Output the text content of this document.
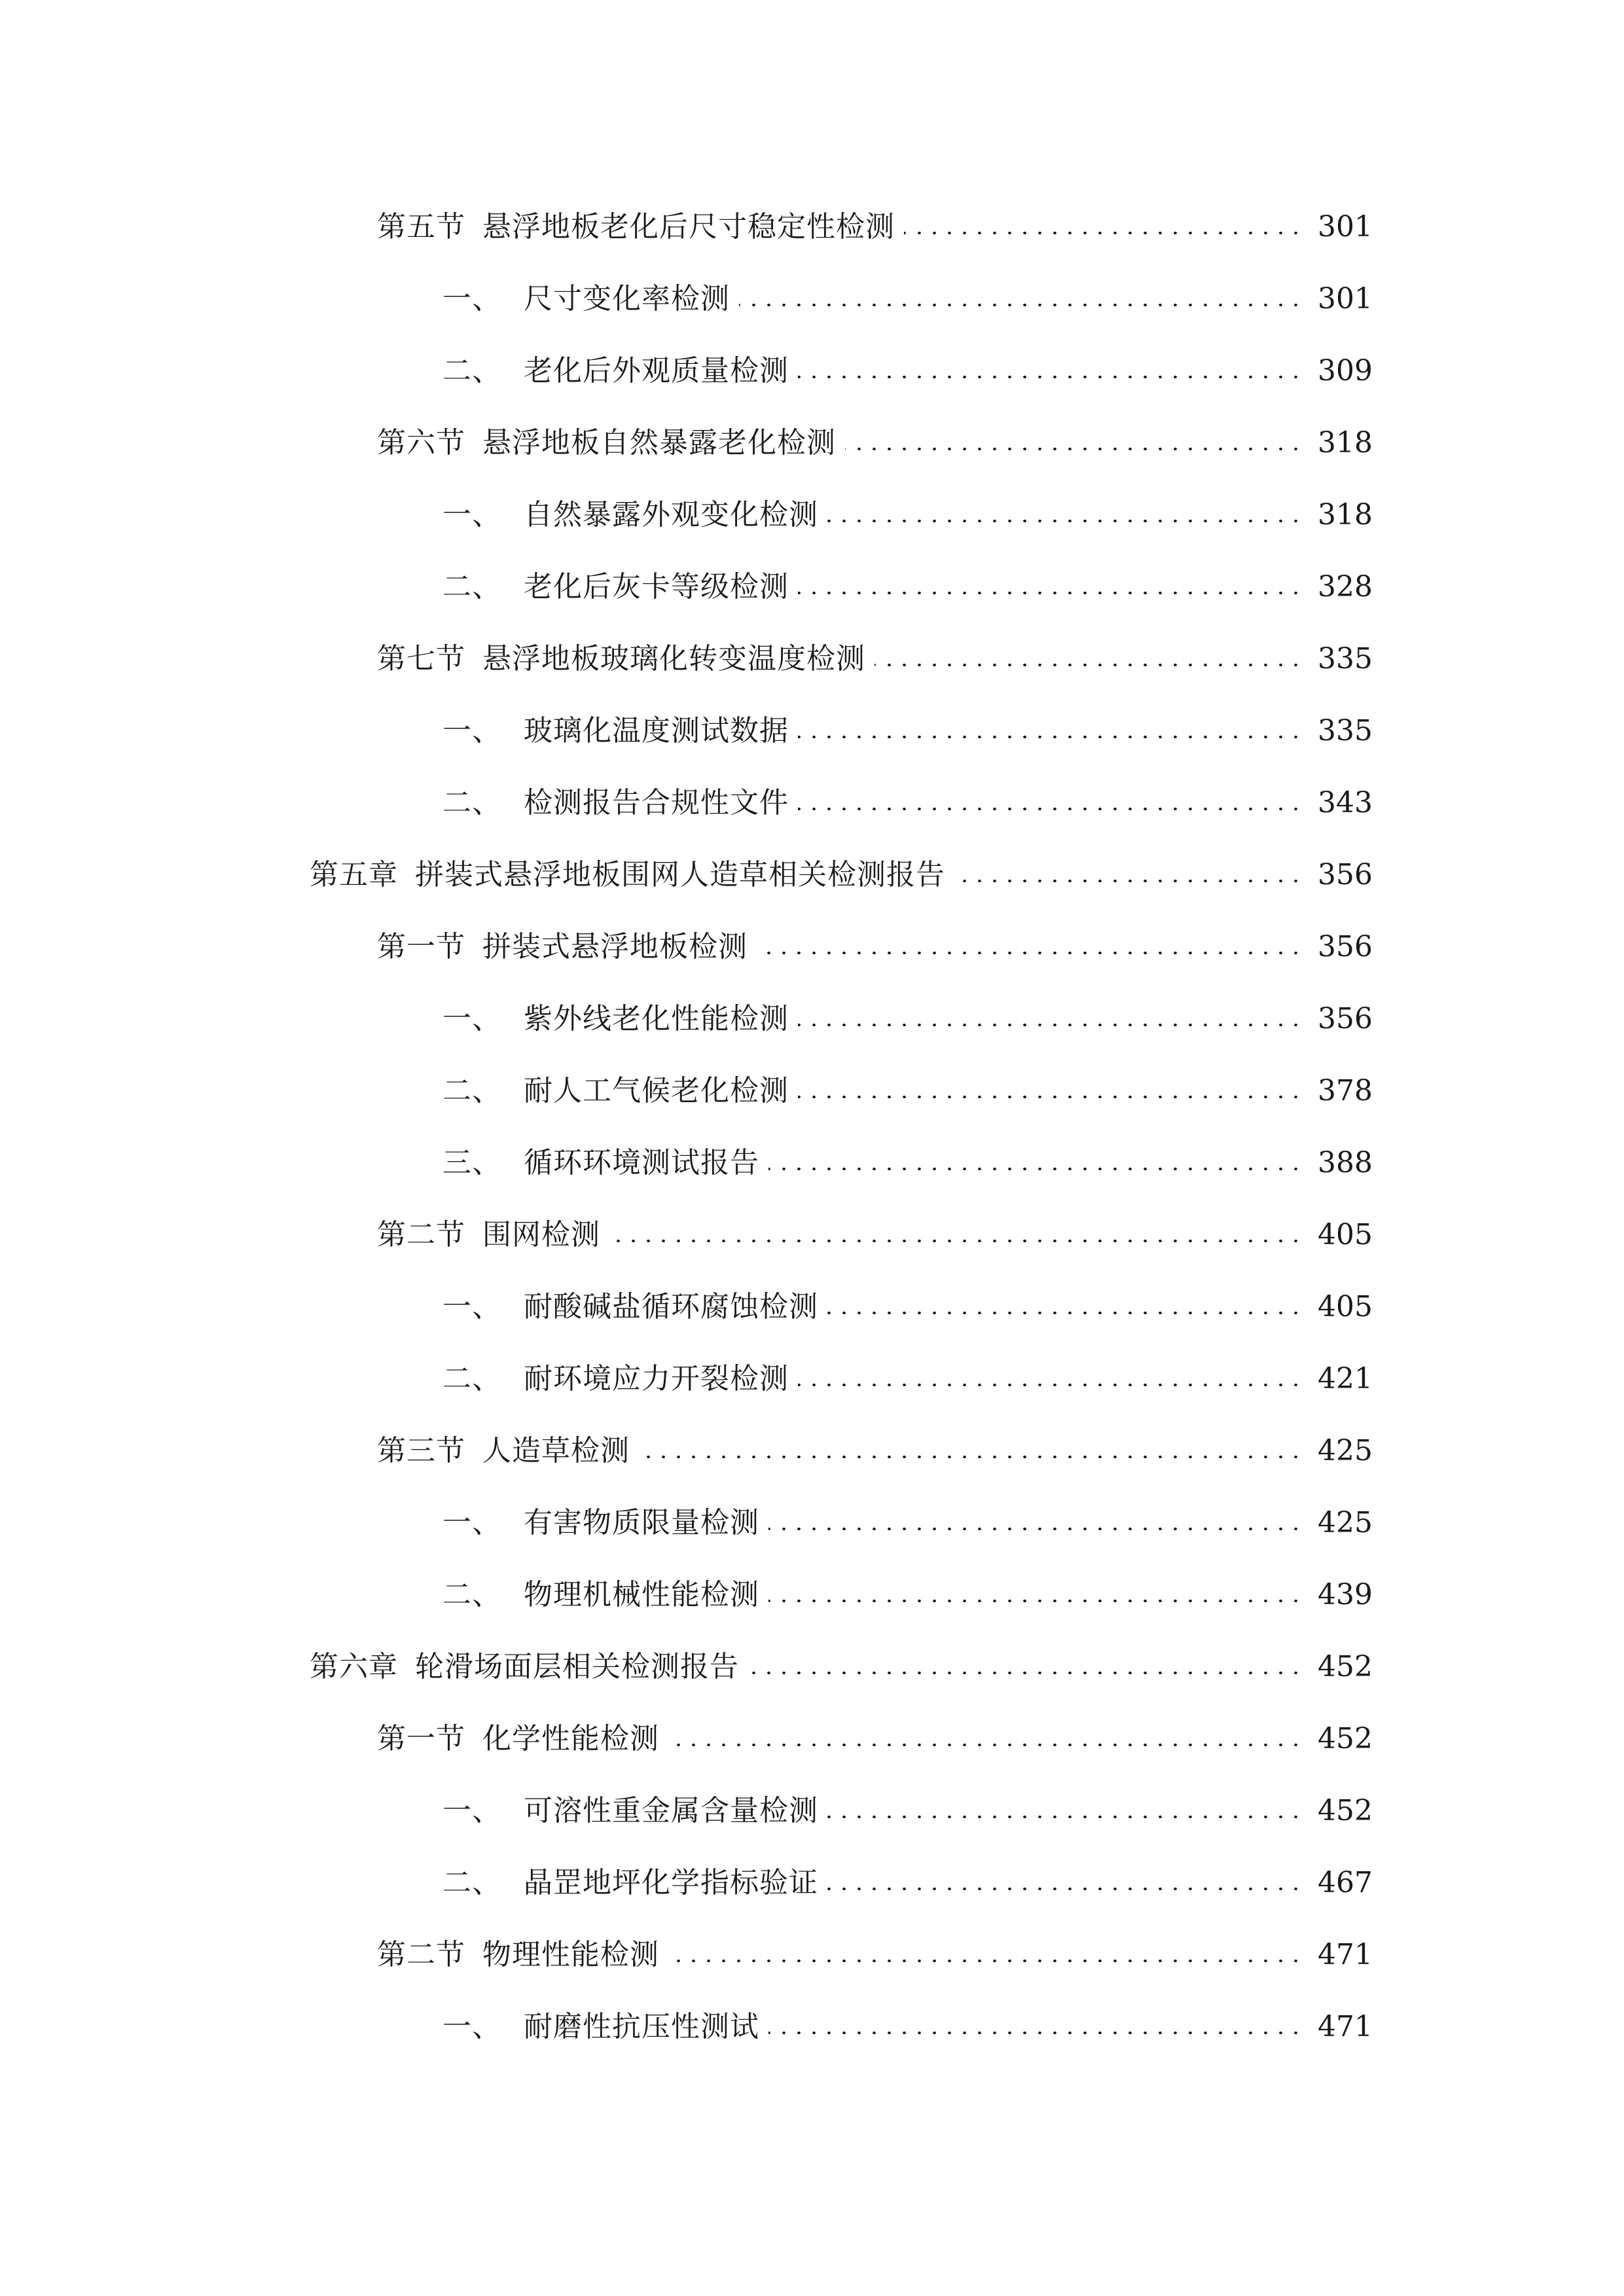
第五节 悬浮地板老化后尺寸稳定性检测	301
一、 尺寸变化率检测	301
二、 老化后外观质量检测	309
第六节 悬浮地板自然暴露老化检测	318
一、 自然暴露外观变化检测	318
二、 老化后灰卡等级检测	328
第七节 悬浮地板玻璃化转变温度检测	335
一、 玻璃化温度测试数据	335
二、 检测报告合规性文件	343
第五章 拼装式悬浮地板围网人造草相关检测报告	356
第一节 拼装式悬浮地板检测	356
一、 紫外线老化性能检测	356
二、 耐人工气候老化检测	378
三、 循环环境测试报告	388
第二节 围网检测	405
一、 耐酸碱盐循环腐蚀检测	405
二、 耐环境应力开裂检测	421
第三节 人造草检测	425
一、 有害物质限量检测	425
二、 物理机械性能检测	439
第六章 轮滑场面层相关检测报告	452
第一节 化学性能检测	452
一、 可溶性重金属含量检测	452
二、 晶罡地坪化学指标验证	467
第二节 物理性能检测	471
一、 耐磨性抗压性测试	471
